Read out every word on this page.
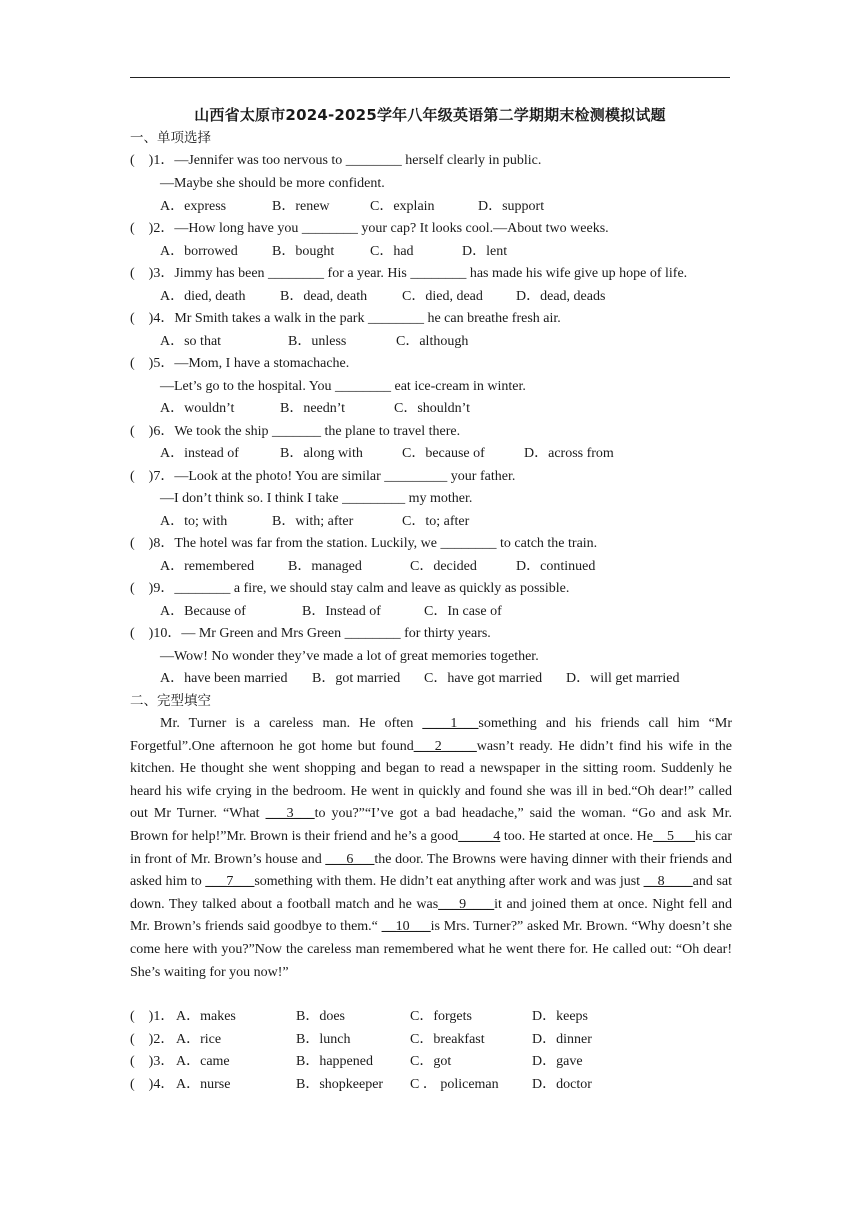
山西省太原市2024-2025学年八年级英语第二学期期末检测模拟试题
一、单项选择
(    )1．—Jennifer was too nervous to ________ herself clearly in public.
—Maybe she should be more confident.
A．express	B．renew	C．explain	D．support
(    )2．—How long have you ________ your cap? It looks cool.—About two weeks.
A．borrowed B．bought	C．had	D．lent
(    )3．Jimmy has been ________ for a year. His ________ has made his wife give up hope of life.
A．died, death B．dead, death C．died, dead D．dead, deads
(    )4．Mr Smith takes a walk in the park ________ he can breathe fresh air.
A．so that	B．unless	C．although
(    )5．—Mom, I have a stomachache.
—Let’s go to the hospital. You ________ eat ice-cream in winter.
A．wouldn’t	B．needn’t	C．shouldn’t
(    )6．We took the ship _______ the plane to travel there.
A．instead of	B．along with	C．because of	D．across from
(    )7．—Look at the photo! You are similar _________ your father.
—I don’t think so. I think I take _________ my mother.
A．to; with	B．with; after	C．to; after
(    )8．The hotel was far from the station. Luckily, we ________ to catch the train.
A．remembered B．managed	C．decided	D．continued
(    )9．________ a fire, we should stay calm and leave as quickly as possible.
A．Because of	B．Instead of	C．In case of
(    )10．— Mr Green and Mrs Green ________ for thirty years.
—Wow! No wonder they’ve made a lot of great memories together.
A．have been married B．got married C．have got married D．will get married
二、完型填空

Mr. Turner is a careless man. He often ____1___something and his friends call him “Mr Forgetful”.One afternoon he got home but found___2_____wasn’t ready. He didn’t find his wife in the kitchen. He thought she went shopping and began to read a newspaper in the sitting room. Suddenly he heard his wife crying in the bedroom. He went in quickly and found she was ill in bed.“Oh dear!” called out Mr Turner. “What ___3___to you?”“I’ve got a bad headache,” said the woman. “Go and ask Mr. Brown for help!”Mr. Brown is their friend and he’s a good_____4 too. He started at once. He__5___his car in front of Mr. Brown’s house and ___6___the door. The Browns were having dinner with their friends and asked him to ___7___something with them. He didn’t eat anything after work and was just __8____and sat down. They talked about a football match and he was___9____it and joined them at once. Night fell and Mr. Brown’s friends said goodbye to them.“ __10___is Mrs. Turner?” asked Mr. Brown. “Why doesn’t she come here with you?”Now the careless man remembered what he went there for. He called out: “Oh dear! She’s waiting for you now!”

(    )1． A．makes	B．does	C．forgets	D．keeps
(    )2． A．rice	B．lunch	C．breakfast	D．dinner
(    )3． A．came	B．happened	C．got	D．gave
(    )4． A．nurse	B．shopkeeper C ． policeman D．doctor
